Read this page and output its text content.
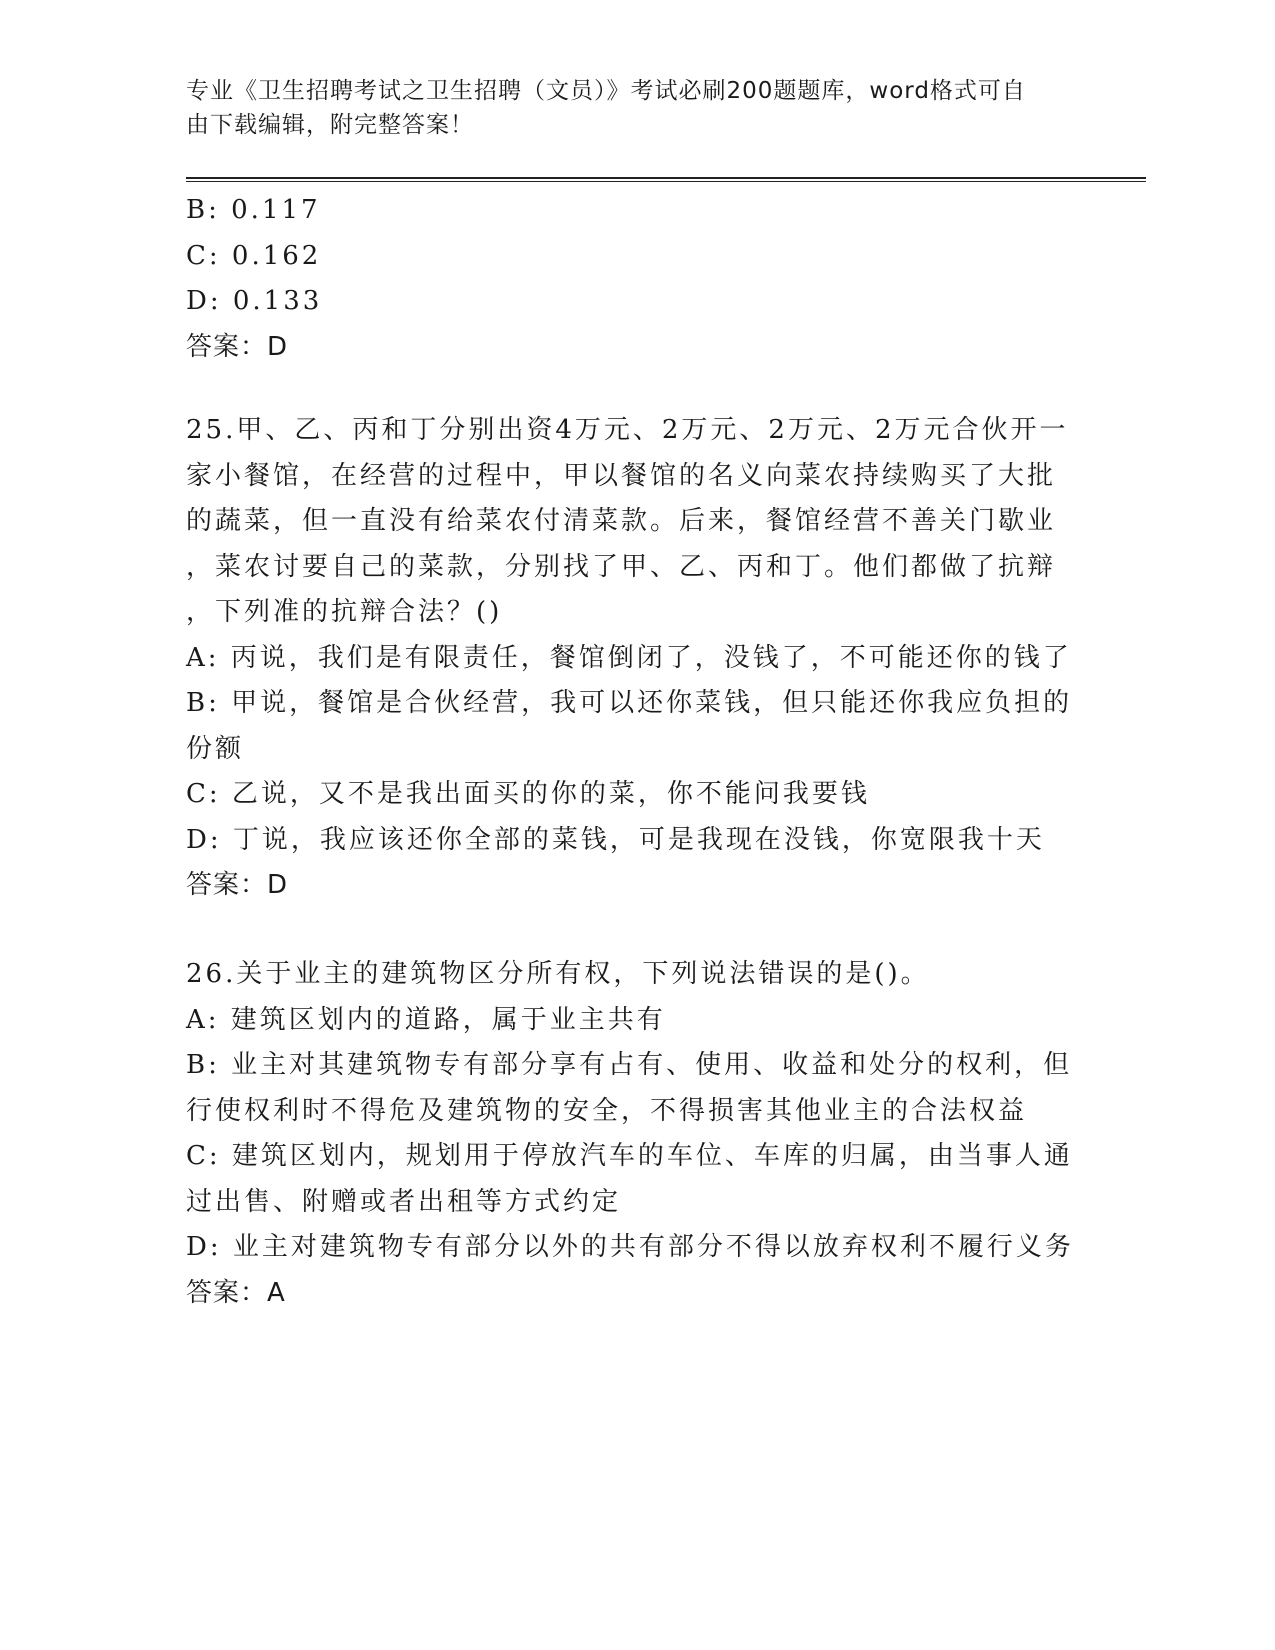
专业《卫生招聘考试之卫生招聘（文员）》考试必刷200题题库，word格式可自
由下载编辑，附完整答案！
B: 0.117
C: 0.162
D: 0.133
答案：D
25.甲、乙、丙和丁分别出资4万元、2万元、2万元、2万元合伙开一
家小餐馆，在经营的过程中，甲以餐馆的名义向菜农持续购买了大批
的蔬菜，但一直没有给菜农付清菜款。后来，餐馆经营不善关门歇业
，菜农讨要自己的菜款，分别找了甲、乙、丙和丁。他们都做了抗辩
，下列准的抗辩合法？()
A: 丙说，我们是有限责任，餐馆倒闭了，没钱了，不可能还你的钱了
B: 甲说，餐馆是合伙经营，我可以还你菜钱，但只能还你我应负担的
份额
C: 乙说，又不是我出面买的你的菜，你不能问我要钱
D: 丁说，我应该还你全部的菜钱，可是我现在没钱，你宽限我十天
答案：D
26.关于业主的建筑物区分所有权，下列说法错误的是()。
A: 建筑区划内的道路，属于业主共有
B: 业主对其建筑物专有部分享有占有、使用、收益和处分的权利，但
行使权利时不得危及建筑物的安全，不得损害其他业主的合法权益
C: 建筑区划内，规划用于停放汽车的车位、车库的归属，由当事人通
过出售、附赠或者出租等方式约定
D: 业主对建筑物专有部分以外的共有部分不得以放弃权利不履行义务
答案：A
